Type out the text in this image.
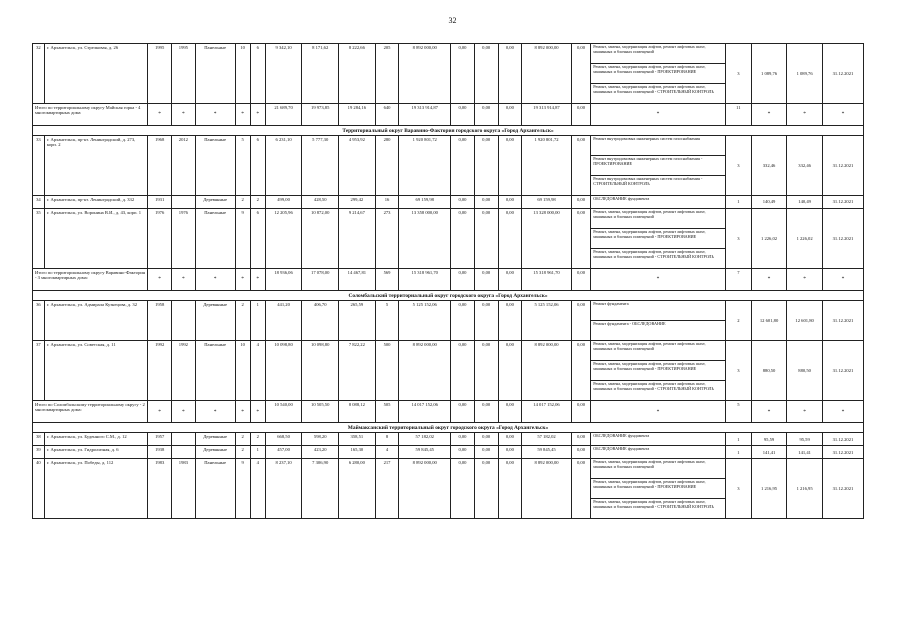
32
32	г. Архангельск, ул. Стрелковая, д. 26	1995	1995	Панельные	10	6	9 342,10	8 171,62	8 222,66	205	8 892 000,00	0,00	0,00	0,00	8 892 000,00	0,00	Ремонт, замена, модернизация лифтов, ремонт лифтовых шахт, машинных и блочных помещений	3	1 089,76	1 089,76	31.12.2021
																	Ремонт, замена, модернизация лифтов, ремонт лифтовых шахт, машинных и блочных помещений - ПРОЕКТИРОВАНИЕ				
																	Ремонт, замена, модернизация лифтов, ремонт лифтовых шахт, машинных и блочных помещений - СТРОИТЕЛЬНЫЙ КОНТРОЛЬ				
Итого по территориальному округу Майская горка - 4 многоквартирных дома		*	*	*	*	*	21 689,70	19 973,85	19 284,16	640	19 313 914,87	0,00	0,00	0,00	19 313 914,87	0,00	*	11	*	*	*
Территориальный округ Варавино-Фактория городского округа «Город Архангельск»																					
33	г. Архангельск, пр-кт. Ленинградский, д. 273, корп. 2	1968	2012	Панельные	5	6	6 231,10	5 777,30	4 953,92	280	1 920 801,72	0,00	0,00	0,00	1 920 801,72	0,00	Ремонт внутридомовых инженерных систем газоснабжения	3	332,46	332,46	31.12.2021
																	Ремонт внутридомовых инженерных систем газоснабжения - ПРОЕКТИРОВАНИЕ				
																	Ремонт внутридомовых инженерных систем газоснабжения - СТРОИТЕЛЬНЫЙ КОНТРОЛЬ				
34	г. Архангельск, пр-кт. Ленинградский, д. 332	1931		Деревянные	2	2	499,00	428,50	299,42	16	69 159,98	0,00	0,00	0,00	69 159,98	0,00	ОБСЛЕДОВАНИЕ фундамента	1	140,49	140,49	31.12.2021
35	г. Архангельск, ул. Воронина В.И., д. 43, корп. 1	1976	1976	Панельные	9	6	12 205,96	10 872,00	9 214,67	273	13 358 000,00	0,00	0,00	0,00	13 328 000,00	0,00	Ремонт, замена, модернизация лифтов, ремонт лифтовых шахт, машинных и блочных помещений	3	1 226,02	1 226,02	31.12.2021
																	Ремонт, замена, модернизация лифтов, ремонт лифтовых шахт, машинных и блочных помещений - ПРОЕКТИРОВАНИЕ				
																	Ремонт, замена, модернизация лифтов, ремонт лифтовых шахт, машинных и блочных помещений - СТРОИТЕЛЬНЫЙ КОНТРОЛЬ				
Итого по территориальному округу Варавино-Фактория - 3 многоквартирных дома:		*	*	*	*	*	18 936,06	17 078,00	14 467,81	569	15 318 961,70	0,00	0,00	0,00	15 318 961,70	0,00	*	7	*	*	*
Соломбальский территориальный округ городского округа «Город Архангельск»																					
36	г. Архангельск, ул. Адмирала Кузнецова, д. 32	1958		Деревянные	2	1	441,20	406,70	265,59	5	5 125 152,06	0,00	0,00	0,00	5 125 152,06	0,00	Ремонт фундамента	2	12 601,80	12 601,80	31.12.2021
																	Ремонт фундамента - ОБСЛЕДОВАНИЕ				
37	г. Архангельск, ул. Советская, д. 11	1992	1992	Панельные	10	4	10 098,80	10 098,80	7 822,22	500	8 892 000,00	0,00	0,00	0,00	8 892 000,00	0,00	Ремонт, замена, модернизация лифтов, ремонт лифтовых шахт, машинных и блочных помещений	3	880,50	880,50	31.12.2021
																	Ремонт, замена, модернизация лифтов, ремонт лифтовых шахт, машинных и блочных помещений - ПРОЕКТИРОВАНИЕ				
																	Ремонт, замена, модернизация лифтов, ремонт лифтовых шахт, машинных и блочных помещений - СТРОИТЕЛЬНЫЙ КОНТРОЛЬ				
Итого по Соломбальскому территориальному округу - 2 многоквартирных дома:		*	*	*	*	*	10 540,00	10 505,50	8 088,12	505	14 017 152,06	0,00	0,00	0,00	14 017 152,06	0,00	*	5	*	*	*
Маймаксанский территориальный округ городского округа «Город Архангельск»																					
38	г. Архангельск, ул. Буденного С.М., д. 12	1957		Деревянные	2	2	668,50	598,20	358,51	8	57 182,02	0,00	0,00	0,00	57 182,02	0,00	ОБСЛЕДОВАНИЕ фундамента	1	95,59	95,59	31.12.2021
39	г. Архангельск, ул. Гидролизная, д. 6	1938		Деревянные	2	1	457,00	423,20	165,30	4	59 845,45	0,00	0,00	0,00	59 845,45	0,00	ОБСЛЕДОВАНИЕ фундамента	1	141,41	141,41	31.12.2021
40	г. Архангельск, ул. Победы, д. 112	1983	1983	Панельные	9	4	8 237,10	7 306,90	6 280,00	217	8 892 000,00	0,00	0,00	0,00	8 892 000,00	0,00	Ремонт, замена, модернизация лифтов, ремонт лифтовых шахт, машинных и блочных помещений	3	1 216,95	1 216,95	31.12.2021
																	Ремонт, замена, модернизация лифтов, ремонт лифтовых шахт, машинных и блочных помещений - ПРОЕКТИРОВАНИЕ				
																	Ремонт, замена, модернизация лифтов, ремонт лифтовых шахт, машинных и блочных помещений - СТРОИТЕЛЬНЫЙ КОНТРОЛЬ				
